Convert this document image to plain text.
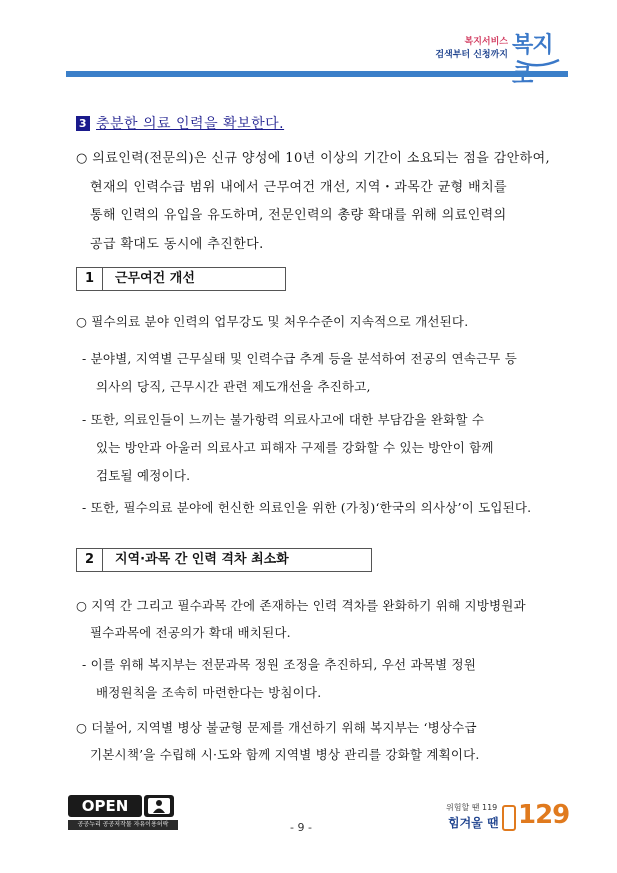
복지서비스
검색부터 신청까지 복지
3 충분한 의료 인력을 확보한다.
○ 의료인력(전문의)은 신규 양성에 10년 이상의 기간이 소요되는 점을 감안하여,
현재의 인력수급 범위 내에서 근무여건 개선, 지역・과목간 균형 배치를
통해 인력의 유입을 유도하며, 전문인력의 총량 확대를 위해 의료인력의
공급 확대도 동시에 추진한다.
1	근무여건 개선
○ 필수의료 분야 인력의 업무강도 및 처우수준이 지속적으로 개선된다.
- 분야별, 지역별 근무실태 및 인력수급 추계 등을 분석하여 전공의 연속근무 등
의사의 당직, 근무시간 관련 제도개선을 추진하고,
- 또한, 의료인들이 느끼는 불가항력 의료사고에 대한 부담감을 완화할 수
있는 방안과 아울러 의료사고 피해자 구제를 강화할 수 있는 방안이 함께
검토될 예정이다.
- 또한, 필수의료 분야에 헌신한 의료인을 위한 (가칭)‘한국의 의사상’이 도입된다.
2	지역·과목 간 인력 격차 최소화
○ 지역 간 그리고 필수과목 간에 존재하는 인력 격차를 완화하기 위해 지방병원과
필수과목에 전공의가 확대 배치된다.
- 이를 위해 복지부는 전문과목 정원 조정을 추진하되, 우선 과목별 정원
배정원칙을 조속히 마련한다는 방침이다.
○ 더불어, 지역별 병상 불균형 문제를 개선하기 위해 복지부는 ‘병상수급
기본시책’을 수립해 시·도와 함께 지역별 병상 관리를 강화할 계획이다.
OPEN
공공누리 공공저작물 자유이용허락	- 9 -
위험할 땐 119
힘겨울 땐 129
